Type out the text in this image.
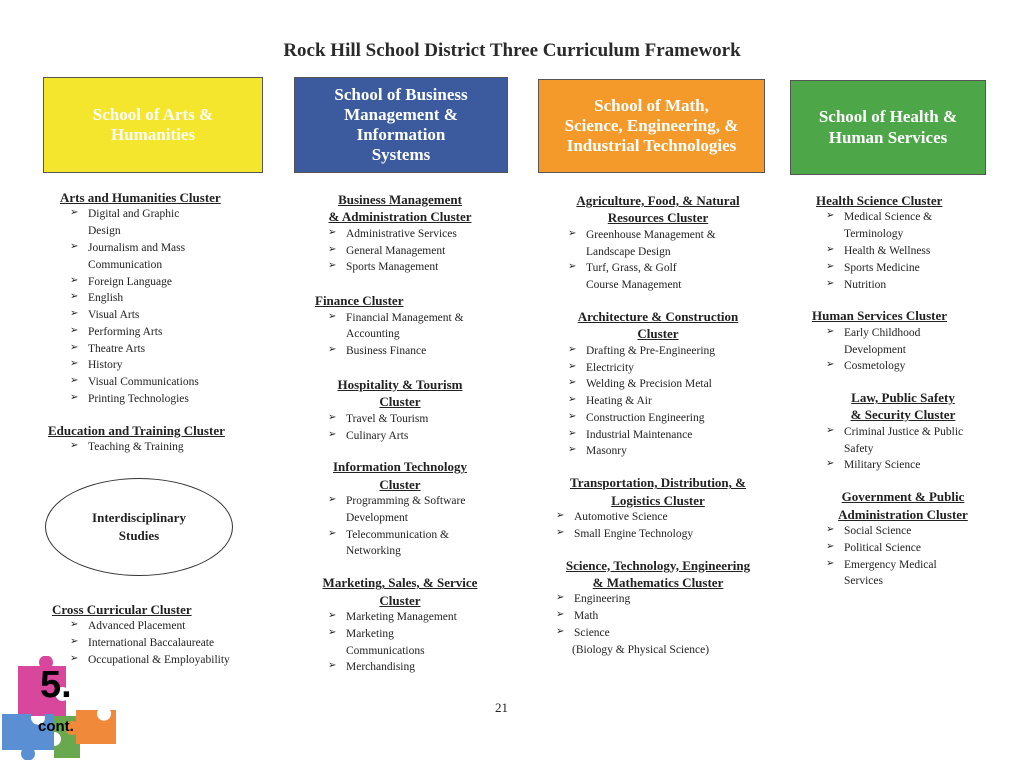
Rock Hill School District Three Curriculum Framework
School of Arts &
Humanities
School of Business
Management &
Information
Systems
School of Math,
Science, Engineering, &
Industrial Technologies
School of Health &
Human Services
Arts and Humanities Cluster
➢ Digital and Graphic
Design
➢ Journalism and Mass
Communication
➢ Foreign Language
➢ English
➢ Visual Arts
➢ Performing Arts
➢ Theatre Arts
➢ History
➢ Visual Communications
➢ Printing Technologies
Education and Training Cluster
➢ Teaching & Training
Interdisciplinary
Studies
Cross Curricular Cluster
➢ Advanced Placement
➢ International Baccalaureate
➢ Occupational & Employability
Business Management
& Administration Cluster
➢ Administrative Services
➢ General Management
➢ Sports Management
Finance Cluster
➢ Financial Management &
Accounting
➢ Business Finance
Hospitality & Tourism
Cluster
➢ Travel & Tourism
➢ Culinary Arts
Information Technology
Cluster
➢ Programming & Software
Development
➢ Telecommunication &
Networking
Marketing, Sales, & Service
Cluster
➢ Marketing Management
➢ Marketing
Communications
➢ Merchandising
Agriculture, Food, & Natural
Resources Cluster
➢ Greenhouse Management &
Landscape Design
➢ Turf, Grass, & Golf
Course Management
Architecture & Construction
Cluster
➢ Drafting & Pre-Engineering
➢ Electricity
➢ Welding & Precision Metal
➢ Heating & Air
➢ Construction Engineering
➢ Industrial Maintenance
➢ Masonry
Transportation, Distribution, &
Logistics Cluster
➢ Automotive Science
➢ Small Engine Technology
Science, Technology, Engineering
& Mathematics Cluster
➢ Engineering
➢ Math
➢ Science
(Biology & Physical Science)
Health Science Cluster
➢ Medical Science &
Terminology
➢ Health & Wellness
➢ Sports Medicine
➢ Nutrition
Human Services Cluster
➢ Early Childhood
Development
➢ Cosmetology
Law, Public Safety
& Security Cluster
➢ Criminal Justice & Public
Safety
➢ Military Science
Government & Public
Administration Cluster
➢ Social Science
➢ Political Science
➢ Emergency Medical
Services
21
5.
cont.
